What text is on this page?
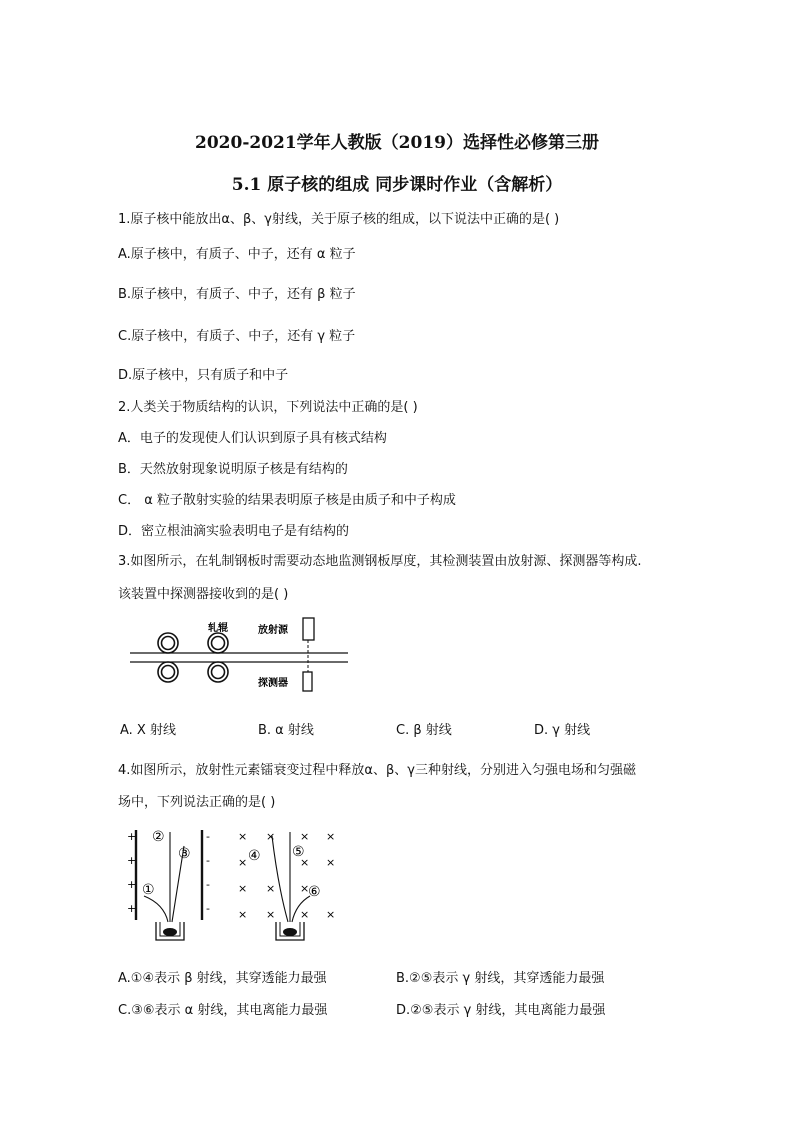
2020-2021学年人教版（2019）选择性必修第三册
5.1 原子核的组成 同步课时作业（含解析）
1.原子核中能放出α、β、γ射线，关于原子核的组成，以下说法中正确的是( )
A.原子核中，有质子、中子，还有 α 粒子
B.原子核中，有质子、中子，还有 β 粒子
C.原子核中，有质子、中子，还有 γ 粒子
D.原子核中，只有质子和中子
2.人类关于物质结构的认识，下列说法中正确的是( )
A．电子的发现使人们认识到原子具有核式结构
B．天然放射现象说明原子核是有结构的
C． α 粒子散射实验的结果表明原子核是由质子和中子构成
D．密立根油滴实验表明电子是有结构的
3.如图所示，在轧制钢板时需要动态地监测钢板厚度，其检测装置由放射源、探测器等构成.
该装置中探测器接收到的是( )
轧辊	放射源
探测器
A. X 射线	B. α 射线	C. β 射线	D. γ 射线
4.如图所示，放射性元素镭衰变过程中释放α、β、γ三种射线，分别进入匀强电场和匀强磁
场中，下列说法正确的是( )
+
+
+
+
-
-
-
-
②
③
①
× × × ×
×	× ×
× × ×
× × × ×
④ ⑤
⑥
A.①④表示 β 射线，其穿透能力最强	B.②⑤表示 γ 射线，其穿透能力最强
C.③⑥表示 α 射线，其电离能力最强	D.②⑤表示 γ 射线，其电离能力最强
